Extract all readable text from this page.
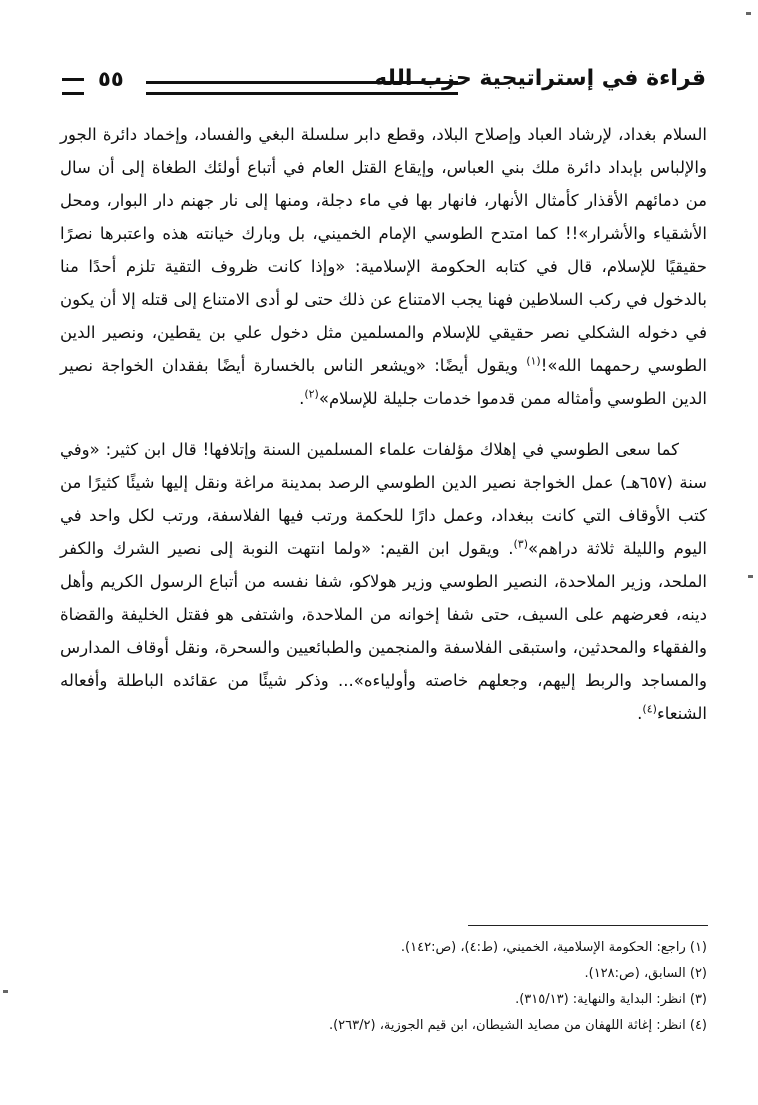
٥٥	قراءة في إستراتيجية حزب الله

السلام بغداد، لإرشاد العباد وإصلاح البلاد، وقطع دابر سلسلة البغي والفساد، وإخماد دائرة الجور والإلباس بإبداد دائرة ملك بني العباس، وإيقاع القتل العام في أتباع أولئك الطغاة إلى أن سال من دمائهم الأقذار كأمثال الأنهار، فانهار بها في ماء دجلة، ومنها إلى نار جهنم دار البوار، ومحل الأشقياء والأشرار»!! كما امتدح الطوسي الإمام الخميني، بل وبارك خيانته هذه واعتبرها نصرًا حقيقيًا للإسلام، قال في كتابه الحكومة الإسلامية: «وإذا كانت ظروف التقية تلزم أحدًا منا بالدخول في ركب السلاطين فهنا يجب الامتناع عن ذلك حتى لو أدى الامتناع إلى قتله إلا أن يكون في دخوله الشكلي نصر حقيقي للإسلام والمسلمين مثل دخول علي بن يقطين، ونصير الدين الطوسي رحمهما الله»!$^{(١)}$ ويقول أيضًا: «ويشعر الناس بالخسارة أيضًا بفقدان الخواجة نصير الدين الطوسي وأمثاله ممن قدموا خدمات جليلة للإسلام»$^{(٢)}$.

كما سعى الطوسي في إهلاك مؤلفات علماء المسلمين السنة وإتلافها! قال ابن كثير: «وفي سنة (٦٥٧هـ) عمل الخواجة نصير الدين الطوسي الرصد بمدينة مراغة ونقل إليها شيئًا كثيرًا من كتب الأوقاف التي كانت ببغداد، وعمل دارًا للحكمة ورتب فيها الفلاسفة، ورتب لكل واحد في اليوم والليلة ثلاثة دراهم»$^{(٣)}$. ويقول ابن القيم: «ولما انتهت النوبة إلى نصير الشرك والكفر الملحد، وزير الملاحدة، النصير الطوسي وزير هولاكو، شفا نفسه من أتباع الرسول الكريم وأهل دينه، فعرضهم على السيف، حتى شفا إخوانه من الملاحدة، واشتفى هو فقتل الخليفة والقضاة والفقهاء والمحدثين، واستبقى الفلاسفة والمنجمين والطبائعيين والسحرة، ونقل أوقاف المدارس والمساجد والربط إليهم، وجعلهم خاصته وأولياءه»... وذكر شيئًا من عقائده الباطلة وأفعاله الشنعاء$^{(٤)}$.

(١) راجع: الحكومة الإسلامية، الخميني، (ط:٤)، (ص:١٤٢).

(٢) السابق، (ص:١٢٨).

(٣) انظر: البداية والنهاية: (٣١٥/١٣).

(٤) انظر: إغاثة اللهفان من مصايد الشيطان، ابن قيم الجوزية، (٢٦٣/٢).
